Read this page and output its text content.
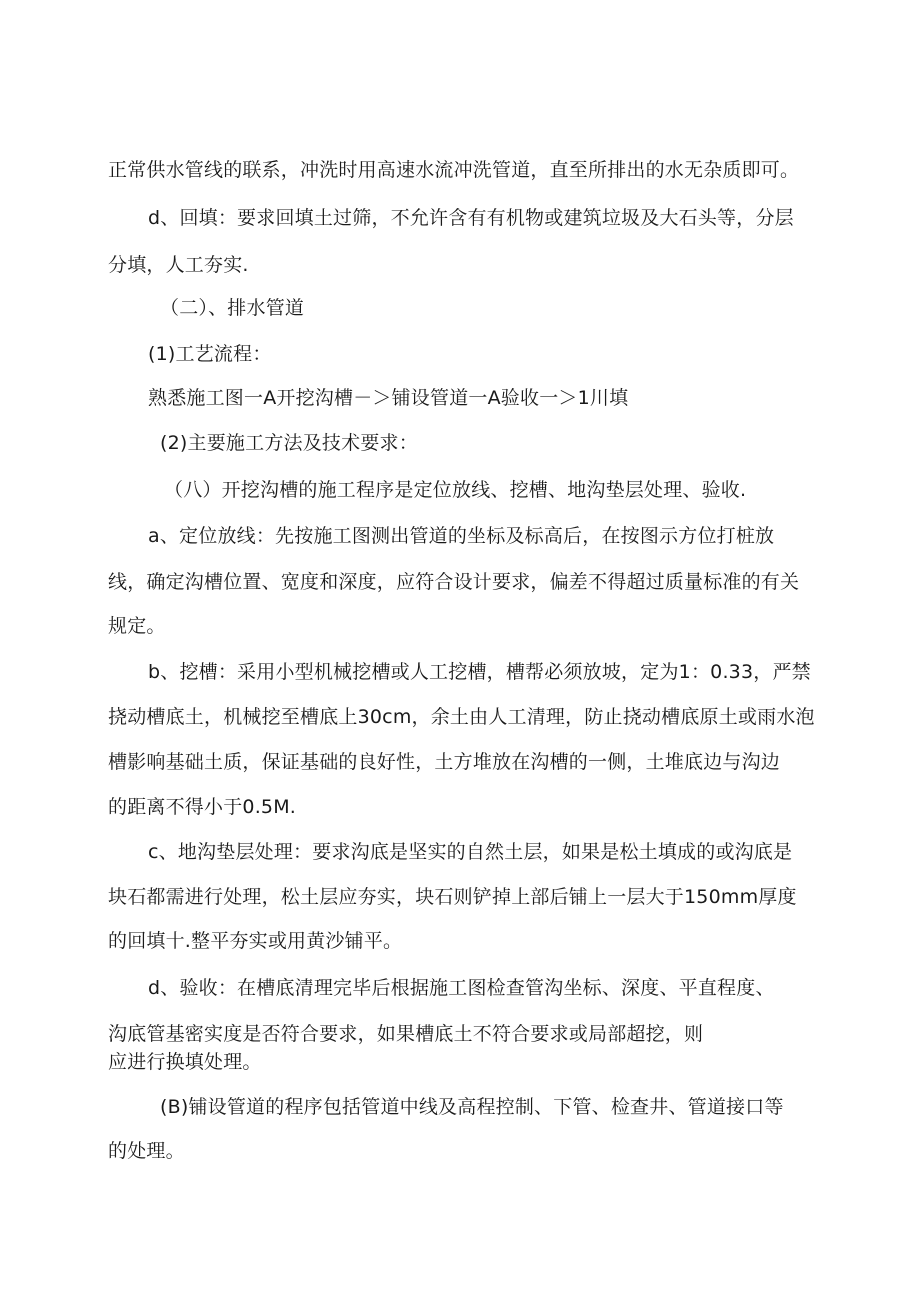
正常供水管线的联系，冲洗时用高速水流冲洗管道，直至所排出的水无杂质即可。
d、回填：要求回填土过筛，不允许含有有机物或建筑垃圾及大石头等，分层
分填，人工夯实.
（二）、排水管道
(1)工艺流程：
熟悉施工图一A开挖沟槽－＞铺设管道一A验收一＞1川填
(2)主要施工方法及技术要求：
（八）开挖沟槽的施工程序是定位放线、挖槽、地沟垫层处理、验收.
a、定位放线：先按施工图测出管道的坐标及标高后，在按图示方位打桩放
线，确定沟槽位置、宽度和深度，应符合设计要求，偏差不得超过质量标准的有关
规定。
b、挖槽：采用小型机械挖槽或人工挖槽，槽帮必须放坡，定为1：0.33，严禁
挠动槽底土，机械挖至槽底上30cm，余土由人工清理，防止挠动槽底原土或雨水泡
槽影响基础土质，保证基础的良好性，土方堆放在沟槽的一侧，土堆底边与沟边
的距离不得小于0.5M.
c、地沟垫层处理：要求沟底是坚实的自然土层，如果是松土填成的或沟底是
块石都需进行处理，松土层应夯实，块石则铲掉上部后铺上一层大于150mm厚度
的回填十.整平夯实或用黄沙铺平。
d、验收：在槽底清理完毕后根据施工图检查管沟坐标、深度、平直程度、
沟底管基密实度是否符合要求，如果槽底土不符合要求或局部超挖，则
应进行换填处理。
(B)铺设管道的程序包括管道中线及高程控制、下管、检查井、管道接口等
的处理。
